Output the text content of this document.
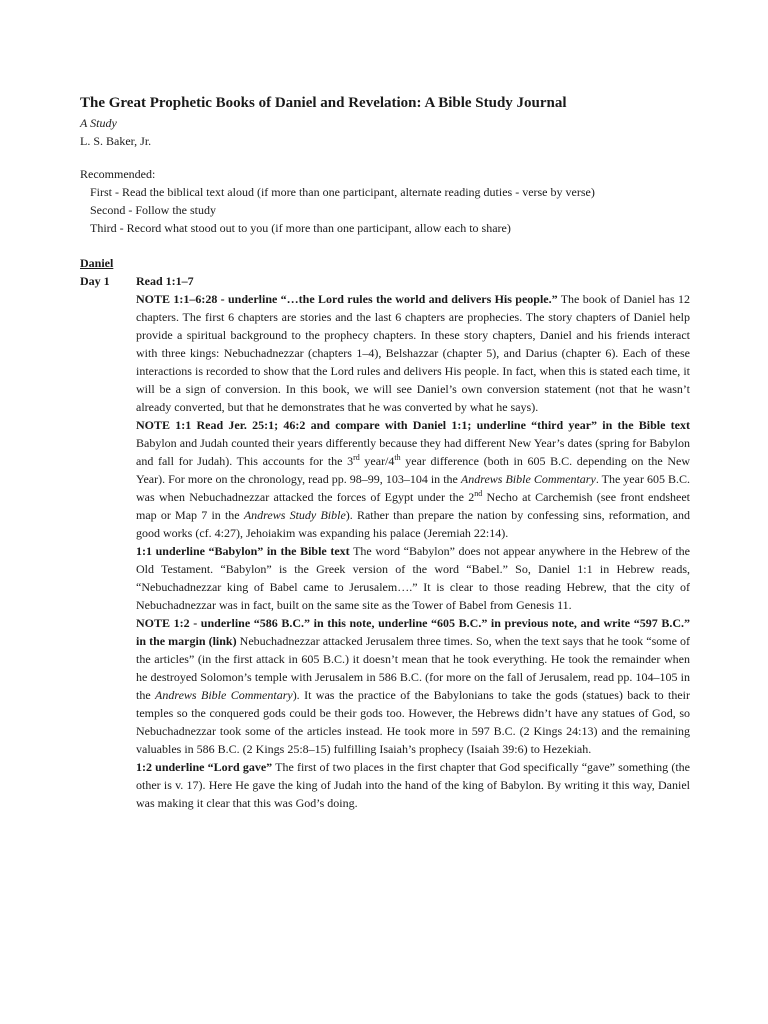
The Great Prophetic Books of Daniel and Revelation: A Bible Study Journal

A Study

L. S. Baker, Jr.

Recommended:
First - Read the biblical text aloud (if more than one participant, alternate reading duties - verse by verse)
Second - Follow the study
Third - Record what stood out to you (if more than one participant, allow each to share)
Daniel
Day 1	Read 1:1–7

NOTE 1:1–6:28 - underline “…the Lord rules the world and delivers His people.” The book of Daniel has 12 chapters. The first 6 chapters are stories and the last 6 chapters are prophecies. The story chapters of Daniel help provide a spiritual background to the prophecy chapters. In these story chapters, Daniel and his friends interact with three kings: Nebuchadnezzar (chapters 1–4), Belshazzar (chapter 5), and Darius (chapter 6). Each of these interactions is recorded to show that the Lord rules and delivers His people. In fact, when this is stated each time, it will be a sign of conversion. In this book, we will see Daniel’s own conversion statement (not that he wasn’t already converted, but that he demonstrates that he was converted by what he says).

NOTE 1:1 Read Jer. 25:1; 46:2 and compare with Daniel 1:1; underline “third year” in the Bible text Babylon and Judah counted their years differently because they had different New Year’s dates (spring for Babylon and fall for Judah). This accounts for the 3rd year/4th year difference (both in 605 B.C. depending on the New Year). For more on the chronology, read pp. 98–99, 103–104 in the Andrews Bible Commentary. The year 605 B.C. was when Nebuchadnezzar attacked the forces of Egypt under the 2nd Necho at Carchemish (see front endsheet map or Map 7 in the Andrews Study Bible). Rather than prepare the nation by confessing sins, reformation, and good works (cf. 4:27), Jehoiakim was expanding his palace (Jeremiah 22:14).

1:1 underline “Babylon” in the Bible text The word “Babylon” does not appear anywhere in the Hebrew of the Old Testament. “Babylon” is the Greek version of the word “Babel.” So, Daniel 1:1 in Hebrew reads, “Nebuchadnezzar king of Babel came to Jerusalem….” It is clear to those reading Hebrew, that the city of Nebuchadnezzar was in fact, built on the same site as the Tower of Babel from Genesis 11.

NOTE 1:2 - underline “586 B.C.” in this note, underline “605 B.C.” in previous note, and write “597 B.C.” in the margin (link) Nebuchadnezzar attacked Jerusalem three times. So, when the text says that he took “some of the articles” (in the first attack in 605 B.C.) it doesn’t mean that he took everything. He took the remainder when he destroyed Solomon’s temple with Jerusalem in 586 B.C. (for more on the fall of Jerusalem, read pp. 104–105 in the Andrews Bible Commentary). It was the practice of the Babylonians to take the gods (statues) back to their temples so the conquered gods could be their gods too. However, the Hebrews didn’t have any statues of God, so Nebuchadnezzar took some of the articles instead. He took more in 597 B.C. (2 Kings 24:13) and the remaining valuables in 586 B.C. (2 Kings 25:8–15) fulfilling Isaiah’s prophecy (Isaiah 39:6) to Hezekiah.

1:2 underline “Lord gave” The first of two places in the first chapter that God specifically “gave” something (the other is v. 17). Here He gave the king of Judah into the hand of the king of Babylon. By writing it this way, Daniel was making it clear that this was God’s doing.
